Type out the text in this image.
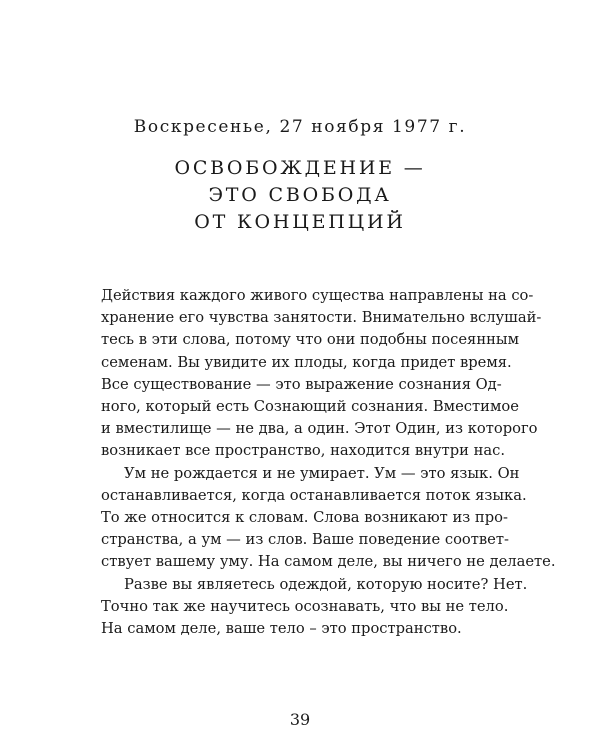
Воскресенье, 27 ноября 1977 г.
ОСВОБОЖДЕНИЕ —
ЭТО СВОБОДА
ОТ КОНЦЕПЦИЙ

Действия каждого живого существа направлены на со-
хранение его чувства занятости. Внимательно вслушай-
тесь в эти слова, потому что они подобны посеянным
семенам. Вы увидите их плоды, когда придет время.
Все существование — это выражение сознания Од-
ного, который есть Сознающий сознания. Вместимое
и вместилище — не два, а один. Этот Один, из которого
возникает все пространство, находится внутри нас.

Ум не рождается и не умирает. Ум — это язык. Он
останавливается, когда останавливается поток языка.
То же относится к словам. Слова возникают из про-
странства, а ум — из слов. Ваше поведение соответ-
ствует вашему уму. На самом деле, вы ничего не делаете.

Разве вы являетесь одеждой, которую носите? Нет.
Точно так же научитесь осознавать, что вы не тело.
На самом деле, ваше тело – это пространство.

39
